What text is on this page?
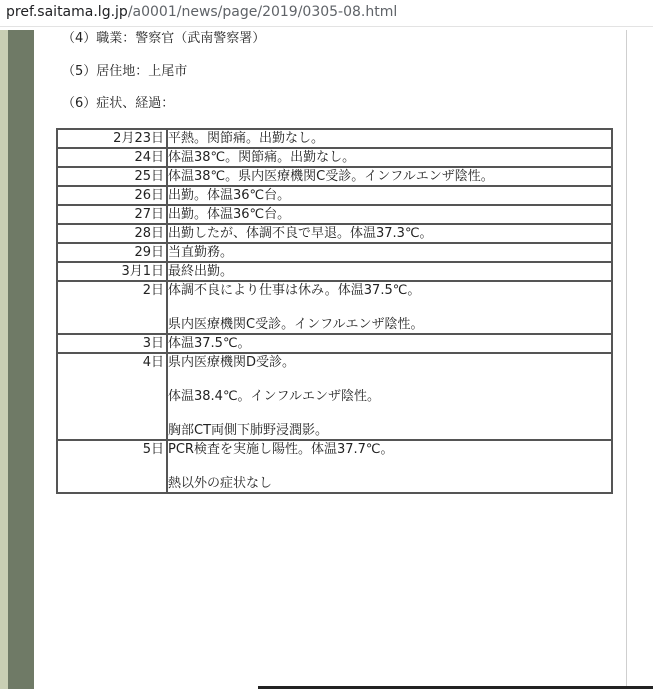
pref.saitama.lg.jp/a0001/news/page/2019/0305-08.html
（4）職業：警察官（武南警察署）
（5）居住地：上尾市
（6）症状、経過：
2月23日	平熱。関節痛。出勤なし。

24日	体温38℃。関節痛。出勤なし。

25日	体温38℃。県内医療機関C受診。インフルエンザ陰性。

26日	出勤。体温36℃台。

27日	出勤。体温36℃台。

28日	出勤したが、体調不良で早退。体温37.3℃。

29日	当直勤務。

3月1日	最終出勤。

2日	体調不良により仕事は休み。体温37.5℃。
県内医療機関C受診。インフルエンザ陰性。

3日	体温37.5℃。

4日	県内医療機関D受診。
体温38.4℃。インフルエンザ陰性。
胸部CT両側下肺野浸潤影。

5日	PCR検査を実施し陽性。体温37.7℃。
熱以外の症状なし
